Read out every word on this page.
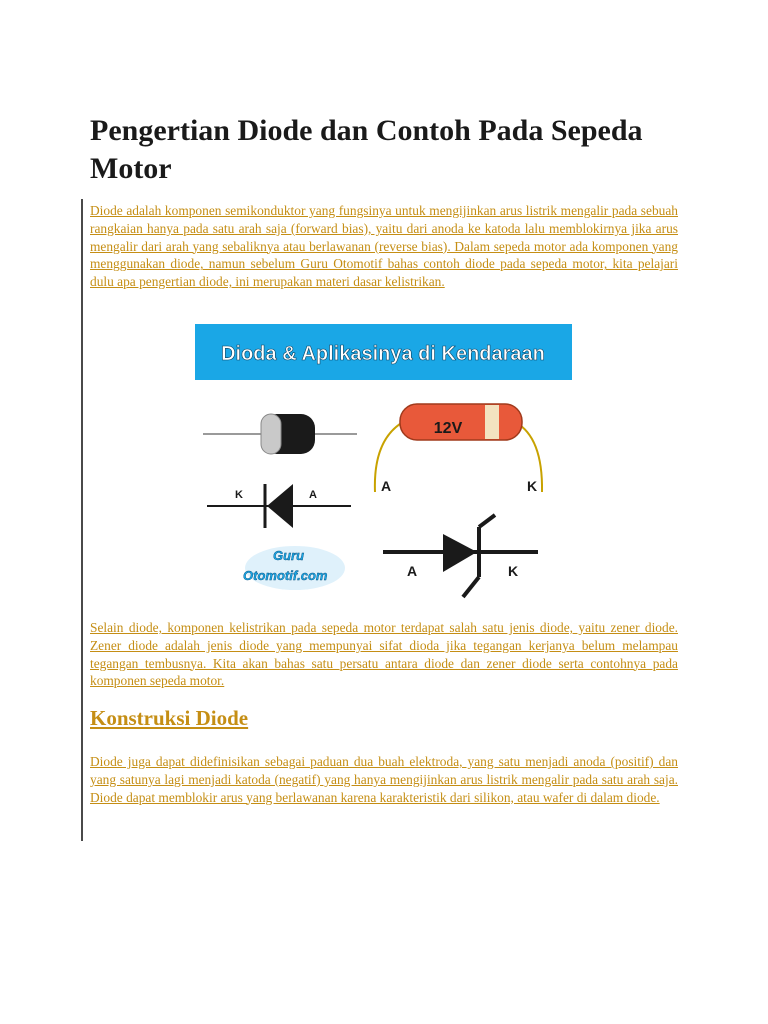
Pengertian Diode dan Contoh Pada Sepeda Motor

Diode adalah komponen semikonduktor yang fungsinya untuk mengijinkan arus listrik mengalir pada sebuah rangkaian hanya pada satu arah saja (forward bias), yaitu dari anoda ke katoda lalu memblokirnya jika arus mengalir dari arah yang sebaliknya atau berlawanan (reverse bias). Dalam sepeda motor ada komponen yang menggunakan diode, namun sebelum Guru Otomotif bahas contoh diode pada sepeda motor, kita pelajari dulu apa pengertian diode, ini merupakan materi dasar kelistrikan.

Dioda & Aplikasinya di Kendaraan
12V
A	K
K	A
Guru
Otomotif.com	A	K

Selain diode, komponen kelistrikan pada sepeda motor terdapat salah satu jenis diode, yaitu zener diode. Zener diode adalah jenis diode yang mempunyai sifat dioda jika tegangan kerjanya belum melampau tegangan tembusnya. Kita akan bahas satu persatu antara diode dan zener diode serta contohnya pada komponen sepeda motor.

Konstruksi Diode

Diode juga dapat didefinisikan sebagai paduan dua buah elektroda, yang satu menjadi anoda (positif) dan yang satunya lagi menjadi katoda (negatif) yang hanya mengijinkan arus listrik mengalir pada satu arah saja. Diode dapat memblokir arus yang berlawanan karena karakteristik dari silikon, atau wafer di dalam diode.
